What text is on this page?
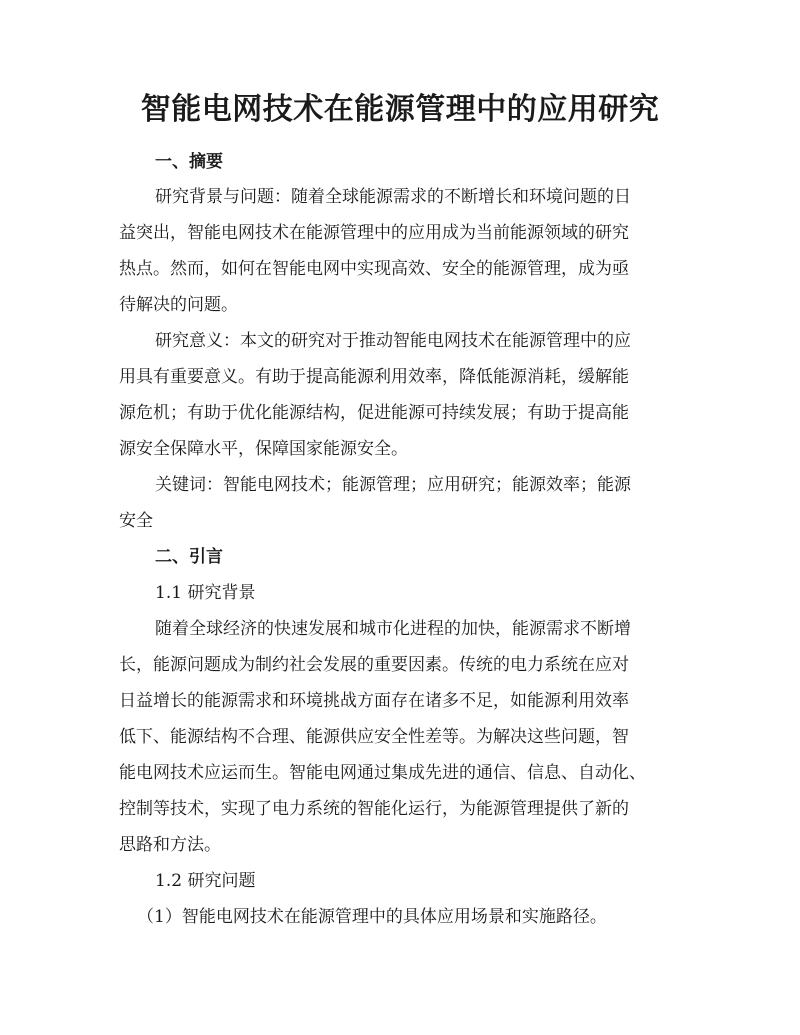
智能电网技术在能源管理中的应用研究

一、摘要

研究背景与问题：随着全球能源需求的不断增长和环境问题的日

益突出，智能电网技术在能源管理中的应用成为当前能源领域的研究

热点。然而，如何在智能电网中实现高效、安全的能源管理，成为亟

待解决的问题。

研究意义：本文的研究对于推动智能电网技术在能源管理中的应

用具有重要意义。有助于提高能源利用效率，降低能源消耗，缓解能

源危机；有助于优化能源结构，促进能源可持续发展；有助于提高能

源安全保障水平，保障国家能源安全。

关键词：智能电网技术；能源管理；应用研究；能源效率；能源

安全

二、引言

1.1 研究背景

随着全球经济的快速发展和城市化进程的加快，能源需求不断增

长，能源问题成为制约社会发展的重要因素。传统的电力系统在应对

日益增长的能源需求和环境挑战方面存在诸多不足，如能源利用效率

低下、能源结构不合理、能源供应安全性差等。为解决这些问题，智

能电网技术应运而生。智能电网通过集成先进的通信、信息、自动化、

控制等技术，实现了电力系统的智能化运行，为能源管理提供了新的

思路和方法。

1.2 研究问题

（1）智能电网技术在能源管理中的具体应用场景和实施路径。
